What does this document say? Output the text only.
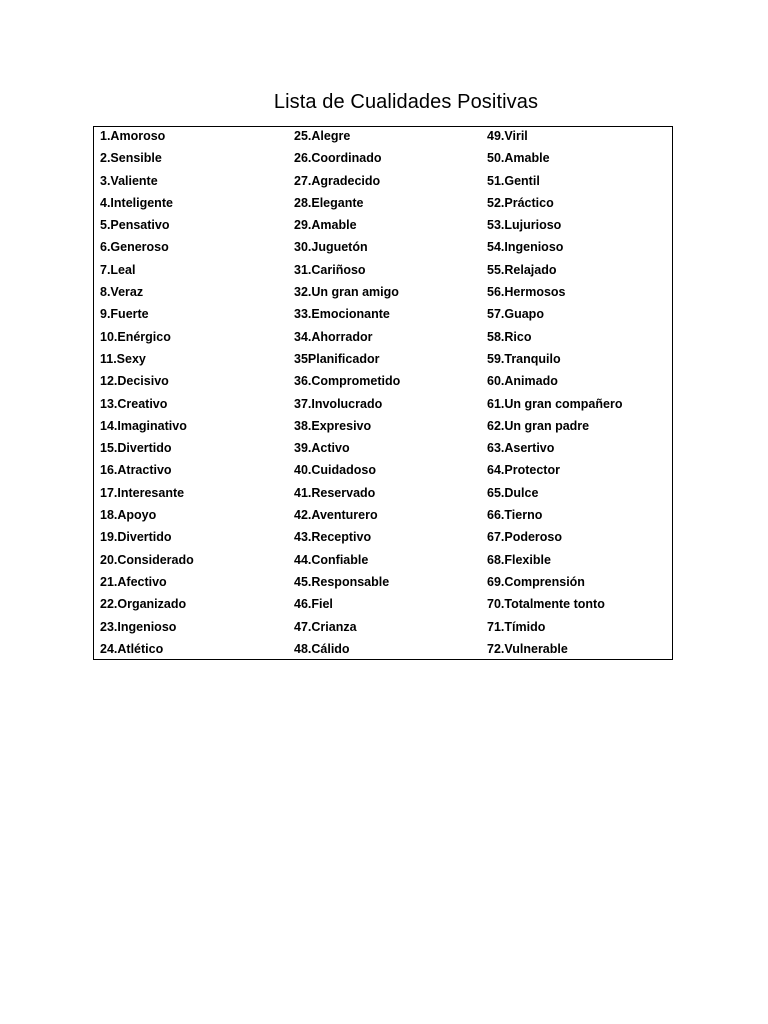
Lista de Cualidades Positivas
1.Amoroso
2.Sensible
3.Valiente
4.Inteligente
5.Pensativo
6.Generoso
7.Leal
8.Veraz
9.Fuerte
10.Enérgico
11.Sexy
12.Decisivo
13.Creativo
14.Imaginativo
15.Divertido
16.Atractivo
17.Interesante
18.Apoyo
19.Divertido
20.Considerado
21.Afectivo
22.Organizado
23.Ingenioso
24.Atlético
25.Alegre
26.Coordinado
27.Agradecido
28.Elegante
29.Amable
30.Juguetón
31.Cariñoso
32.Un gran amigo
33.Emocionante
34.Ahorrador
35Planificador
36.Comprometido
37.Involucrado
38.Expresivo
39.Activo
40.Cuidadoso
41.Reservado
42.Aventurero
43.Receptivo
44.Confiable
45.Responsable
46.Fiel
47.Crianza
48.Cálido
49.Viril
50.Amable
51.Gentil
52.Práctico
53.Lujurioso
54.Ingenioso
55.Relajado
56.Hermosos
57.Guapo
58.Rico
59.Tranquilo
60.Animado
61.Un gran compañero
62.Un gran padre
63.Asertivo
64.Protector
65.Dulce
66.Tierno
67.Poderoso
68.Flexible
69.Comprensión
70.Totalmente tonto
71.Tímido
72.Vulnerable
